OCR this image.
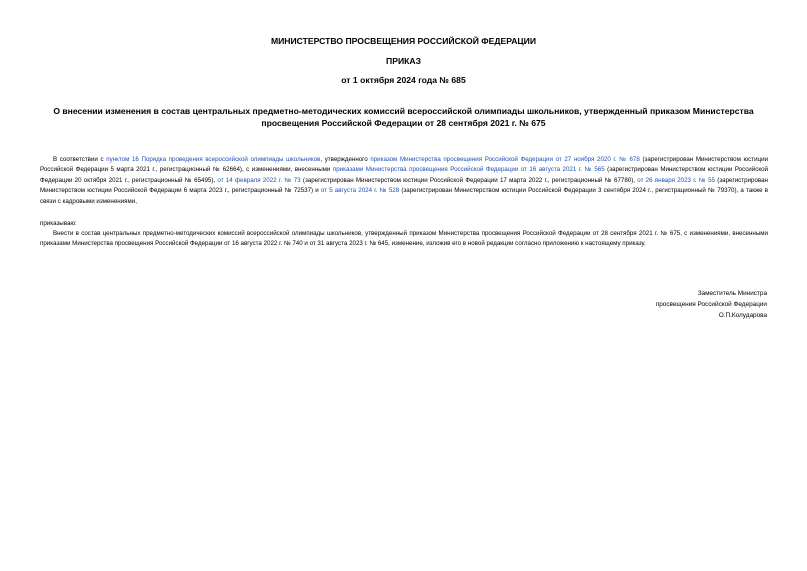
МИНИСТЕРСТВО ПРОСВЕЩЕНИЯ РОССИЙСКОЙ ФЕДЕРАЦИИ
ПРИКАЗ
от 1 октября 2024 года № 685
О внесении изменения в состав центральных предметно-методических комиссий всероссийской олимпиады школьников, утвержденный приказом Министерства просвещения Российской Федерации от 28 сентября 2021 г. № 675

В соответствии с пунктом 16 Порядка проведения всероссийской олимпиады школьников, утвержденного приказом Министерства просвещения Российской Федерации от 27 ноября 2020 г. № 678 (зарегистрирован Министерством юстиции Российской Федерации 5 марта 2021 г., регистрационный № 62664), с изменениями, внесенными приказами Министерства просвещения Российской Федерации от 16 августа 2021 г. № 565 (зарегистрирован Министерством юстиции Российской Федерации 20 октября 2021 г., регистрационный № 65495), от 14 февраля 2022 г. № 73 (зарегистрирован Министерством юстиции Российской Федерации 17 марта 2022 г., регистрационный № 67780), от 26 января 2023 г. № 55 (зарегистрирован Министерством юстиции Российской Федерации 6 марта 2023 г., регистрационный № 72537) и от 5 августа 2024 г. № 528 (зарегистрирован Министерством юстиции Российской Федерации 3 сентября 2024 г., регистрационный № 79370), а также в связи с кадровыми изменениями,

приказываю:

Внести в состав центральных предметно-методических комиссий всероссийской олимпиады школьников, утвержденный приказом Министерства просвещения Российской Федерации от 28 сентября 2021 г. № 675, с изменениями, внесенными приказами Министерства просвещения Российской Федерации от 16 августа 2022 г. № 740 и от 31 августа 2023 г. № 645, изменение, изложив его в новой редакции согласно приложению к настоящему приказу.

Заместитель Министра
просвещения Российской Федерации
О.П.Колударова
